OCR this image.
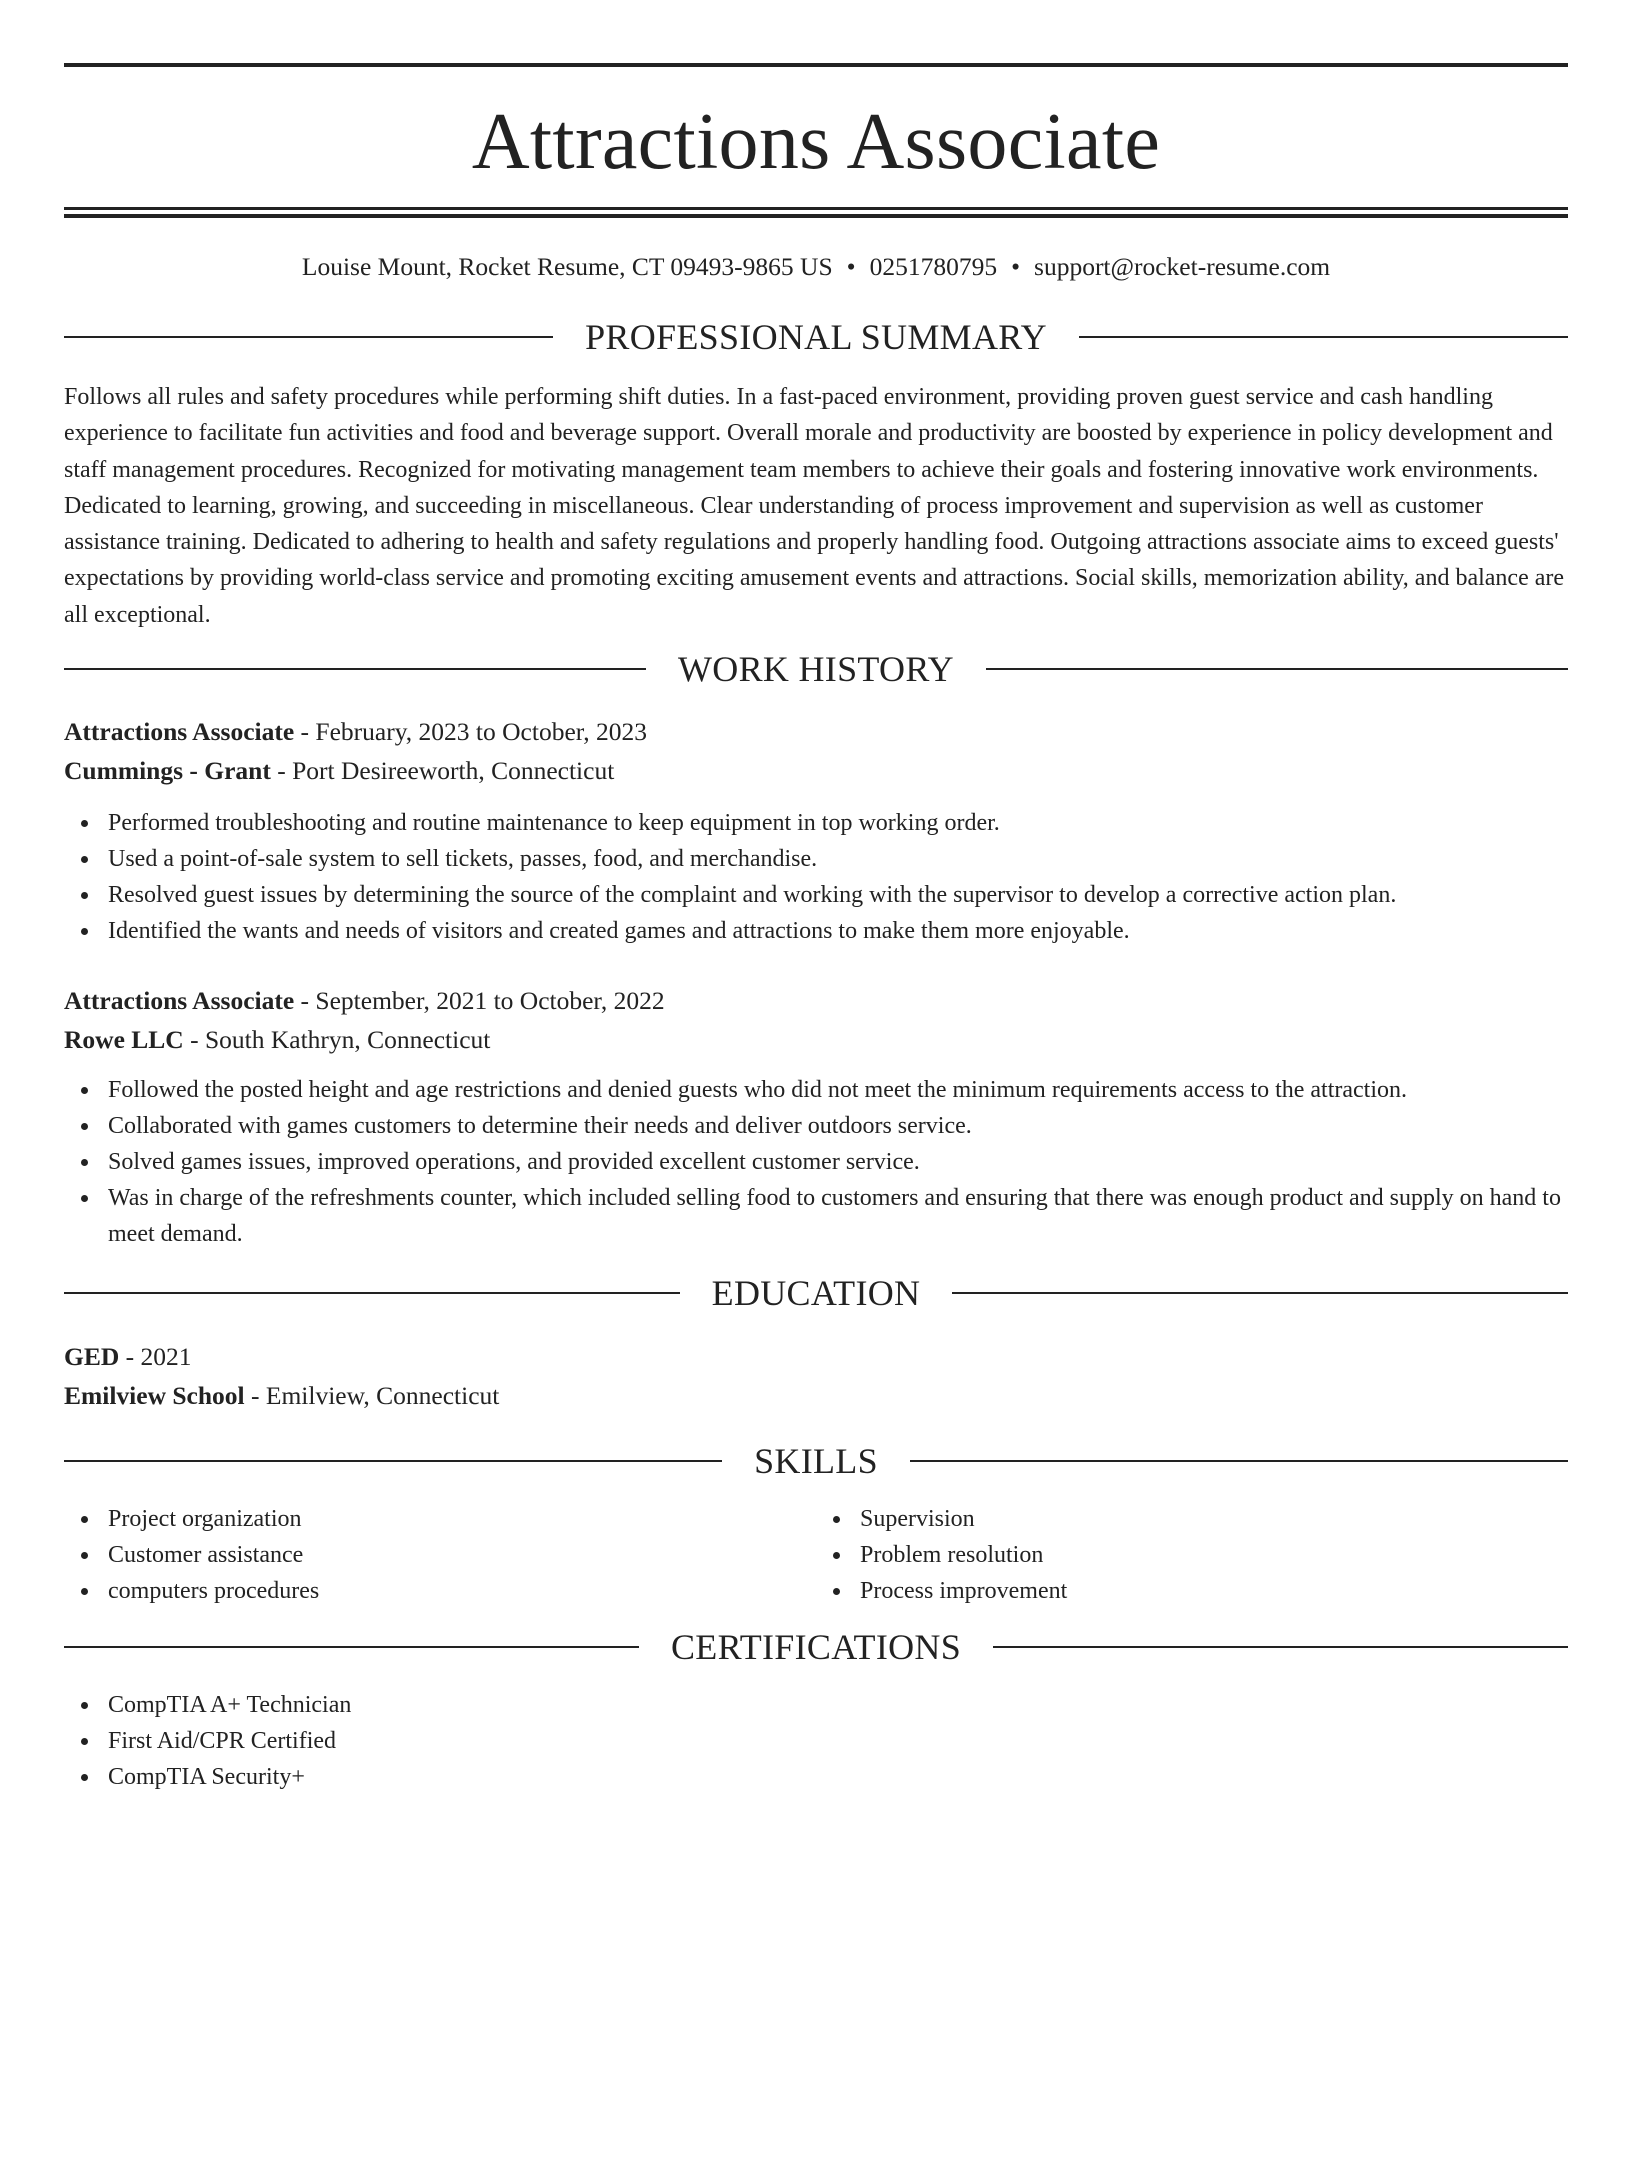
Attractions Associate
Louise Mount, Rocket Resume, CT 09493-9865 US • 0251780795 • support@rocket-resume.com
PROFESSIONAL SUMMARY
Follows all rules and safety procedures while performing shift duties. In a fast-paced environment, providing proven guest service and cash handling experience to facilitate fun activities and food and beverage support. Overall morale and productivity are boosted by experience in policy development and staff management procedures. Recognized for motivating management team members to achieve their goals and fostering innovative work environments. Dedicated to learning, growing, and succeeding in miscellaneous. Clear understanding of process improvement and supervision as well as customer assistance training. Dedicated to adhering to health and safety regulations and properly handling food. Outgoing attractions associate aims to exceed guests' expectations by providing world-class service and promoting exciting amusement events and attractions. Social skills, memorization ability, and balance are all exceptional.
WORK HISTORY
Attractions Associate - February, 2023 to October, 2023
Cummings - Grant - Port Desireeworth, Connecticut
Performed troubleshooting and routine maintenance to keep equipment in top working order.
Used a point-of-sale system to sell tickets, passes, food, and merchandise.
Resolved guest issues by determining the source of the complaint and working with the supervisor to develop a corrective action plan.
Identified the wants and needs of visitors and created games and attractions to make them more enjoyable.
Attractions Associate - September, 2021 to October, 2022
Rowe LLC - South Kathryn, Connecticut
Followed the posted height and age restrictions and denied guests who did not meet the minimum requirements access to the attraction.
Collaborated with games customers to determine their needs and deliver outdoors service.
Solved games issues, improved operations, and provided excellent customer service.
Was in charge of the refreshments counter, which included selling food to customers and ensuring that there was enough product and supply on hand to meet demand.
EDUCATION
GED - 2021
Emilview School - Emilview, Connecticut
SKILLS
Project organization
Customer assistance
computers procedures
Supervision
Problem resolution
Process improvement
CERTIFICATIONS
CompTIA A+ Technician
First Aid/CPR Certified
CompTIA Security+
